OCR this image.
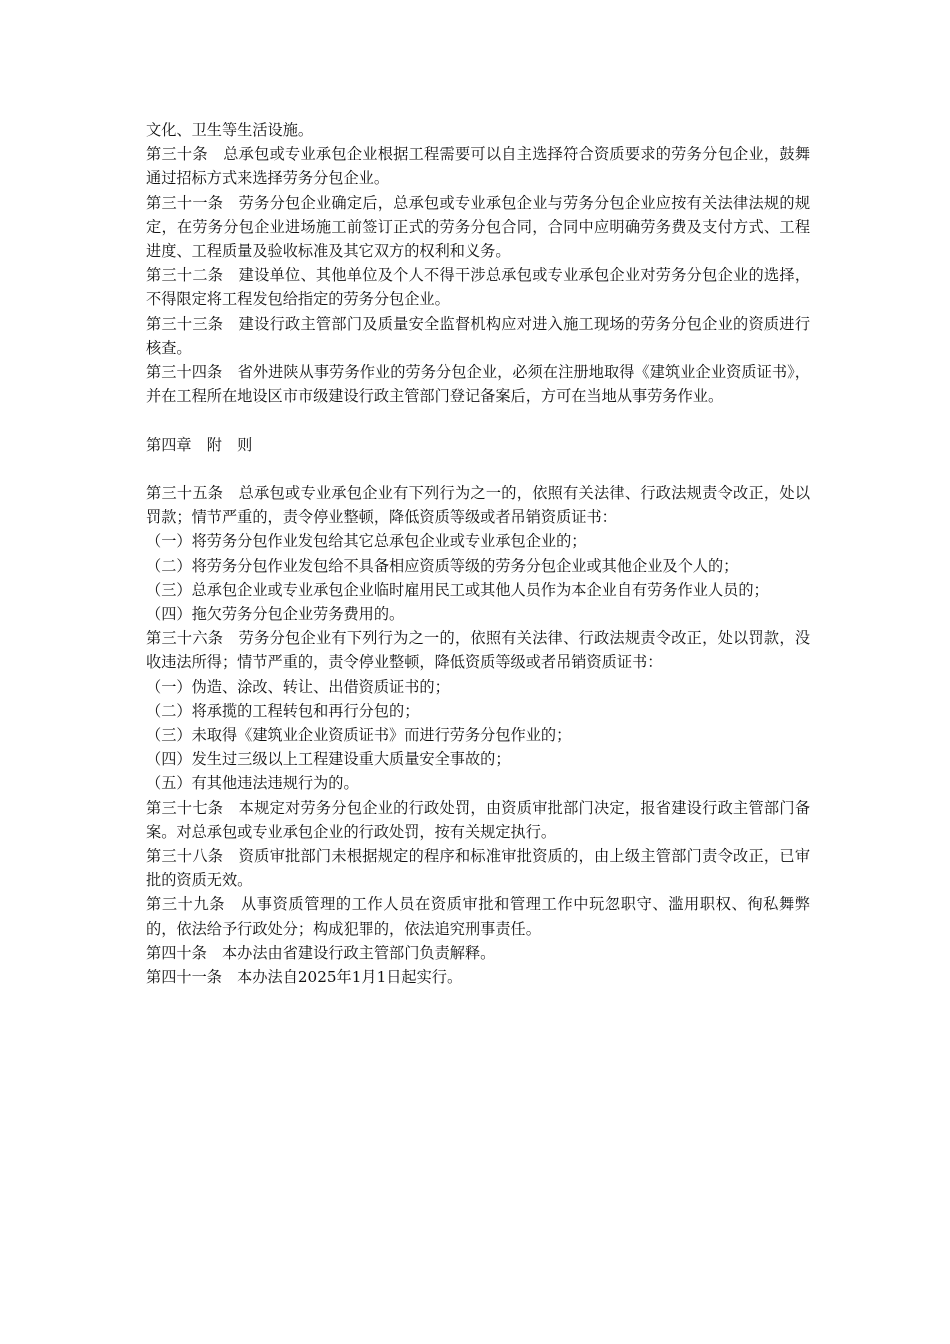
文化、卫生等生活设施。

第三十条　总承包或专业承包企业根据工程需要可以自主选择符合资质要求的劳务分包企业，鼓舞通过招标方式来选择劳务分包企业。

第三十一条　劳务分包企业确定后，总承包或专业承包企业与劳务分包企业应按有关法律法规的规定，在劳务分包企业进场施工前签订正式的劳务分包合同，合同中应明确劳务费及支付方式、工程进度、工程质量及验收标准及其它双方的权利和义务。

第三十二条　建设单位、其他单位及个人不得干涉总承包或专业承包企业对劳务分包企业的选择，不得限定将工程发包给指定的劳务分包企业。

第三十三条　建设行政主管部门及质量安全监督机构应对进入施工现场的劳务分包企业的资质进行核查。

第三十四条　省外进陕从事劳务作业的劳务分包企业，必须在注册地取得《建筑业企业资质证书》，并在工程所在地设区市市级建设行政主管部门登记备案后，方可在当地从事劳务作业。

第四章　附　则

第三十五条　总承包或专业承包企业有下列行为之一的，依照有关法律、行政法规责令改正，处以罚款；情节严重的，责令停业整顿，降低资质等级或者吊销资质证书：

（一）将劳务分包作业发包给其它总承包企业或专业承包企业的；

（二）将劳务分包作业发包给不具备相应资质等级的劳务分包企业或其他企业及个人的；

（三）总承包企业或专业承包企业临时雇用民工或其他人员作为本企业自有劳务作业人员的；

（四）拖欠劳务分包企业劳务费用的。

第三十六条　劳务分包企业有下列行为之一的，依照有关法律、行政法规责令改正，处以罚款，没收违法所得；情节严重的，责令停业整顿，降低资质等级或者吊销资质证书：

（一）伪造、涂改、转让、出借资质证书的；

（二）将承揽的工程转包和再行分包的；

（三）未取得《建筑业企业资质证书》而进行劳务分包作业的；

（四）发生过三级以上工程建设重大质量安全事故的；

（五）有其他违法违规行为的。

第三十七条　本规定对劳务分包企业的行政处罚，由资质审批部门决定，报省建设行政主管部门备案。对总承包或专业承包企业的行政处罚，按有关规定执行。

第三十八条　资质审批部门未根据规定的程序和标准审批资质的，由上级主管部门责令改正，已审批的资质无效。

第三十九条　从事资质管理的工作人员在资质审批和管理工作中玩忽职守、滥用职权、徇私舞弊的，依法给予行政处分；构成犯罪的，依法追究刑事责任。

第四十条　本办法由省建设行政主管部门负责解释。

第四十一条　本办法自2025年1月1日起实行。
